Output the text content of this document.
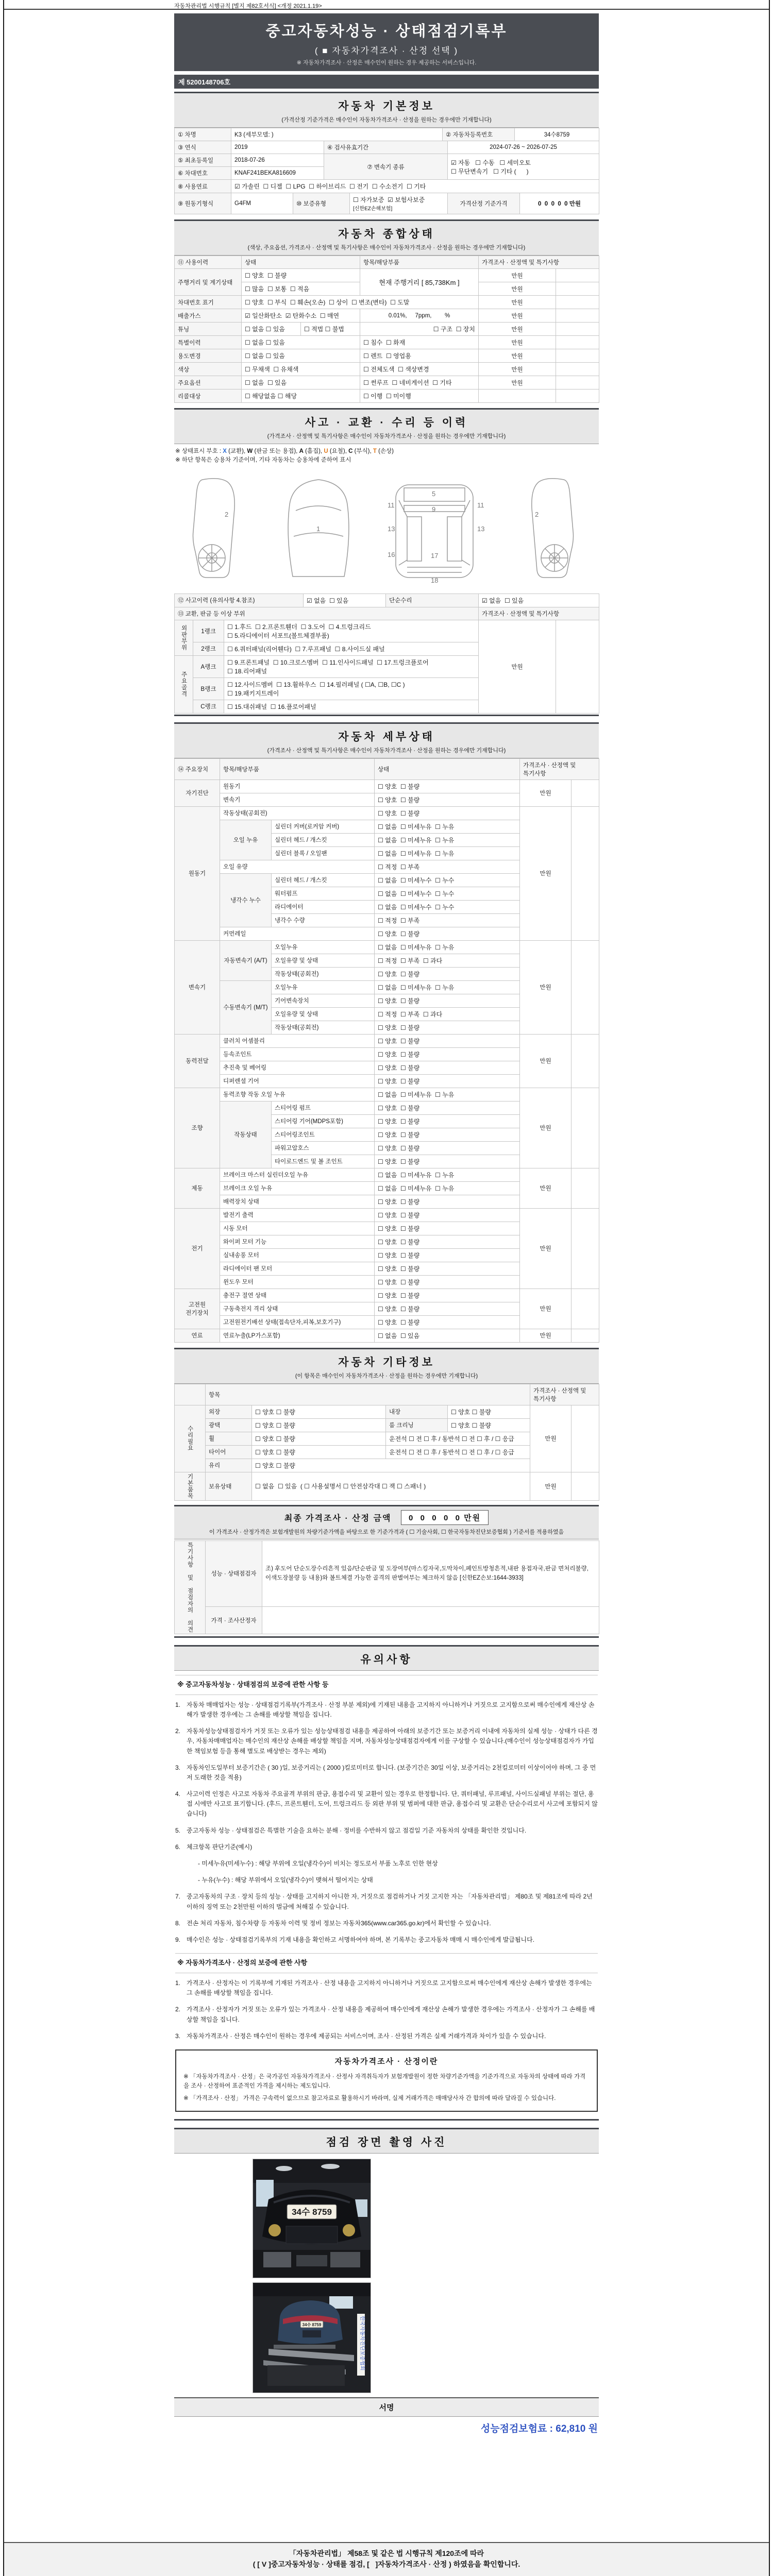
자동차관리법 시행규칙 [별지 제82호서식] <개정 2021.1.19>
중고자동차성능 · 상태점검기록부
( ■ 자동차가격조사 · 산정 선택 )
※ 자동차가격조사 · 산정은 매수인이 원하는 경우 제공하는 서비스입니다.
제 5200148706호
자동차 기본정보
(가격산정 기준가격은 매수인이 자동차가격조사 · 산정을 원하는 경우에만 기재합니다)
① 차명	K3 (세부모델: )	② 자동차등록번호	34수8759
③ 연식	2019	④ 검사유효기간	2024-07-26 ~ 2026-07-25
⑤ 최초등록일	2018-07-26	⑦ 변속기 종류	☑ 자동   ☐ 수동   ☐ 세미오토
☐ 무단변속기   ☐ 기타 (      )

⑥ 차대번호	KNAF241BEKA816609		
⑧ 사용연료	☑ 가솔린  ☐ 디젤  ☐ LPG  ☐ 하이브리드  ☐ 전기  ☐ 수소전기  ☐ 기타
⑨ 원동기형식	G4FM	⑩ 보증유형	☐ 자가보증  ☑ 보험사보증 [신한EZ손해보험]	가격산정 기준가격	0  0  0  0  0 만원
자동차 종합상태
(색상, 주요옵션, 가격조사 · 산정액 및 특기사항은 매수인이 자동차가격조사 · 산정을 원하는 경우에만 기재합니다)
⑪ 사용이력	상태		항목/해당부품	가격조사 · 산정액 및 특기사항	
주행거리 및 계기상태	☐ 양호  ☐ 불량		현재 주행거리 [ 85,738Km ]	만원	
	☐ 많음  ☐ 보통  ☐ 적음			만원	
차대번호 표기	☐ 양호  ☐ 부식  ☐ 훼손(오손)  ☐ 상이  ☐ 변조(변타)  ☐ 도말			만원	
배출가스	☑ 일산화탄소  ☑ 탄화수소  ☐ 매연		0.01%,     7ppm,        %	만원	
튜닝	☐ 없음 ☐ 있음	☐ 적법 ☐ 불법	☐ 구조  ☐ 장치	만원	
특별이력	☐ 없음 ☐ 있음		☐ 침수  ☐ 화재	만원	
용도변경	☐ 없음 ☐ 있음		☐ 렌트  ☐ 영업용	만원	
색상	☐ 무채색  ☐ 유채색		☐ 전체도색  ☐ 색상변경	만원	
주요옵션	☐ 없음  ☐ 있음		☐ 썬루프  ☐ 네비게이션  ☐ 기타	만원	
리콜대상	☐ 해당없음 ☐ 해당		☐ 이행  ☐ 미이행		
사고 · 교환 · 수리 등 이력
(가격조사 · 산정액 및 특기사항은 매수인이 자동차가격조사 · 산정을 원하는 경우에만 기재합니다)
※ 상태표시 부호 : X (교환), W (판금 또는 용접), A (흠집), U (요철), C (부식), T (손상)
※ 하단 항목은 승용차 기준이며, 기타 자동차는 승용차에 준하여 표시
2
1
5
9
11	11
13	13
17
18
16
2
⑫ 사고이력 (유의사항 4.참조)	☑ 없음  ☐ 있음	단순수리	☑ 없음  ☐ 있음
⑬ 교환, 판금 등 이상 부위			가격조사 · 산정액 및 특기사항	
외판부위	1랭크	☐ 1.후드  ☐ 2.프론트휀더  ☐ 3.도어  ☐ 4.트렁크리드
☐ 5.라디에이터 서포트(볼트체결부품)	만원	
	2랭크	☐ 6.쿼터패널(리어휀다)  ☐ 7.루프패널  ☐ 8.사이드실 패널		
주요골격	A랭크	☐ 9.프론트패널  ☐ 10.크로스멤버  ☐ 11.인사이드패널  ☐ 17.트렁크플로어
☐ 18.리어패널		

	B랭크	☐ 12.사이드멤버  ☐ 13.휠하우스  ☐ 14.필러패널 ( ☐A, ☐B, ☐C )
☐ 19.패키지트레이		

	C랭크	☐ 15.대쉬패널  ☐ 16.플로어패널		
자동차 세부상태
(가격조사 · 산정액 및 특기사항은 매수인이 자동차가격조사 · 산정을 원하는 경우에만 기재합니다)
⑭ 주요장치	항목/해당부품		상태	가격조사 · 산정액 및 특기사항	
자기진단	원동기		☐ 양호  ☐ 불량	만원	
	변속기		☐ 양호  ☐ 불량		
원동기	작동상태(공회전)		☐ 양호  ☐ 불량	만원	
	오일 누유	실린더 커버(로커암 커버)	☐ 없음  ☐ 미세누유  ☐ 누유		
		실린더 헤드 / 개스킷	☐ 없음  ☐ 미세누유  ☐ 누유		
		실린더 블록 / 오일팬	☐ 없음  ☐ 미세누유  ☐ 누유		
	오일 유량		☐ 적정  ☐ 부족		
	냉각수 누수	실린더 헤드 / 개스킷	☐ 없음  ☐ 미세누수  ☐ 누수		
		워터펌프	☐ 없음  ☐ 미세누수  ☐ 누수		
		라디에이터	☐ 없음  ☐ 미세누수  ☐ 누수		
		냉각수 수량	☐ 적정  ☐ 부족		
	커먼레일		☐ 양호  ☐ 불량		
변속기	자동변속기 (A/T)	오일누유	☐ 없음  ☐ 미세누유  ☐ 누유	만원	
		오일유량 및 상태	☐ 적정  ☐ 부족  ☐ 과다		
		작동상태(공회전)	☐ 양호  ☐ 불량		
	수동변속기 (M/T)	오일누유	☐ 없음  ☐ 미세누유  ☐ 누유		
		기어변속장치	☐ 양호  ☐ 불량		
		오일유량 및 상태	☐ 적정  ☐ 부족  ☐ 과다		
		작동상태(공회전)	☐ 양호  ☐ 불량		
동력전달	클러치 어셈블리		☐ 양호  ☐ 불량	만원	
	등속조인트		☐ 양호  ☐ 불량		
	추진축 및 베어링		☐ 양호  ☐ 불량		
	디퍼렌셜 기어		☐ 양호  ☐ 불량		
조향	동력조향 작동 오일 누유		☐ 없음  ☐ 미세누유  ☐ 누유	만원	
	작동상태	스티어링 펌프	☐ 양호  ☐ 불량		
		스티어링 기어(MDPS포함)	☐ 양호  ☐ 불량		
		스티어링조인트	☐ 양호  ☐ 불량		
		파워고압호스	☐ 양호  ☐ 불량		
		타이로드엔드 및 볼 조인트	☐ 양호  ☐ 불량		
제동	브레이크 마스터 실린더오일 누유		☐ 없음  ☐ 미세누유  ☐ 누유	만원	
	브레이크 오일 누유		☐ 없음  ☐ 미세누유  ☐ 누유		
	배력장치 상태		☐ 양호  ☐ 불량		
전기	발전기 출력		☐ 양호  ☐ 불량	만원	
	시동 모터		☐ 양호  ☐ 불량		
	와이퍼 모터 기능		☐ 양호  ☐ 불량		
	실내송풍 모터		☐ 양호  ☐ 불량		
	라디에이터 팬 모터		☐ 양호  ☐ 불량		
	윈도우 모터		☐ 양호  ☐ 불량		
고전원 전기장치	충전구 절연 상태		☐ 양호  ☐ 불량	만원	
	구동축전지 격리 상태		☐ 양호  ☐ 불량		
	고전원전기배선 상태(접속단자,피복,보호기구)		☐ 양호  ☐ 불량		
연료	연료누출(LP가스포함)		☐ 없음  ☐ 있음	만원	
자동차 기타정보
(이 항목은 매수인이 자동차가격조사 · 산정을 원하는 경우에만 기재합니다)
	항목				가격조사 · 산정액 및 특기사항	
수리필요	외장	☐ 양호 ☐ 불량	내장	☐ 양호 ☐ 불량	만원	
	광택	☐ 양호 ☐ 불량	룸 크리닝	☐ 양호 ☐ 불량		
	휠	☐ 양호 ☐ 불량	운전석 ☐ 전 ☐ 후 / 동반석 ☐ 전 ☐ 후 / ☐ 응급			
	타이어	☐ 양호 ☐ 불량	운전석 ☐ 전 ☐ 후 / 동반석 ☐ 전 ☐ 후 / ☐ 응급			
	유리	☐ 양호 ☐ 불량				
기본품목	보유상태	☐ 없음  ☐ 있음  ( ☐ 사용설명서 ☐ 안전삼각대 ☐ 잭 ☐ 스패너 )			만원	
최종 가격조사 · 산정 금액 0  0  0  0  0 만원
이 가격조사 · 산정가격은 보험개발원의 차량기준가액을 바탕으로 한 기준가격과 ( ☐ 기술사회, ☐ 한국자동차진단보증협회 ) 기준서를 적용하였음
특기사항 및 점검자의 의견	성능 · 상태점검자	조) 후도어 단순도장수리흔적 있음/단순판금 및 도장여부(마스킹자국,도막차이,페인트방청흔적,내판 용접자국,판금 면처리불량,이색도장불량 등 내용)와 볼트체결 가능한 골격의 판별여부는 체크하지 않음 [신한EZ손보:1644-3933]
	가격 · 조사산정자	
유의사항
※ 중고자동차성능 · 상태점검의 보증에 관한 사항 등
1. 자동차 매매업자는 성능 · 상태점검기록부(가격조사 · 산정 부분 제외)에 기재된 내용을 고지하지 아니하거나 거짓으로 고지함으로써 매수인에게 재산상 손해가 발생한 경우에는 그 손해를 배상할 책임을 집니다.
2. 자동차성능상태점검자가 거짓 또는 오류가 있는 성능상태점검 내용을 제공하여 아래의 보증기간 또는 보증거리 이내에 자동차의 실제 성능 · 상태가 다른 경우, 자동차매매업자는 매수인의 재산상 손해를 배상할 책임을 지며, 자동차성능상태점검자에게 이를 구상할 수 있습니다.(매수인이 성능상태점검자가 가입한 책임보험 등을 통해 별도로 배상받는 경우는 제외)
3. 자동차인도일부터 보증기간은 ( 30 )일, 보증거리는 ( 2000 )킬로미터로 합니다. (보증기간은 30일 이상, 보증거리는 2천킬로미터 이상이어야 하며, 그 중 먼저 도래한 것을 적용)
4. 사고이력 인정은 사고로 자동차 주요골격 부위의 판금, 용접수리 및 교환이 있는 경우로 한정합니다. 단, 쿼터패널, 루프패널, 사이드실패널 부위는 절단, 용접 시에만 사고로 표기합니다. (후드, 프론트휀더, 도어, 트렁크리드 등 외판 부위 및 범퍼에 대한 판금, 용접수리 및 교환은 단순수리로서 사고에 포함되지 않습니다)
5. 중고자동차 성능 · 상태점검은 특별한 기술을 요하는 분해 · 정비를 수반하지 않고 점검일 기준 자동차의 상태를 확인한 것입니다.
6. 체크항목 판단기준(예시)
- 미세누유(미세누수) : 해당 부위에 오일(냉각수)이 비치는 정도로서 부품 노후로 인한 현상
- 누유(누수) : 해당 부위에서 오일(냉각수)이 맺혀서 떨어지는 상태
7. 중고자동차의 구조 · 장치 등의 성능 · 상태를 고지하지 아니한 자, 거짓으로 점검하거나 거짓 고지한 자는 「자동차관리법」 제80조 및 제81조에 따라 2년 이하의 징역 또는 2천만원 이하의 벌금에 처해질 수 있습니다.
8. 전손 처리 자동차, 침수차량 등 자동차 이력 및 정비 정보는 자동차365(www.car365.go.kr)에서 확인할 수 있습니다.
9. 매수인은 성능 · 상태점검기록부의 기재 내용을 확인하고 서명하여야 하며, 본 기록부는 중고자동차 매매 시 매수인에게 발급됩니다.
※ 자동차가격조사 · 산정의 보증에 관한 사항
1. 가격조사 · 산정자는 이 기록부에 기재된 가격조사 · 산정 내용을 고지하지 아니하거나 거짓으로 고지함으로써 매수인에게 재산상 손해가 발생한 경우에는 그 손해를 배상할 책임을 집니다.
2. 가격조사 · 산정자가 거짓 또는 오류가 있는 가격조사 · 산정 내용을 제공하여 매수인에게 재산상 손해가 발생한 경우에는 가격조사 · 산정자가 그 손해를 배상할 책임을 집니다.
3. 자동차가격조사 · 산정은 매수인이 원하는 경우에 제공되는 서비스이며, 조사 · 산정된 가격은 실제 거래가격과 차이가 있을 수 있습니다.
자동차가격조사 · 산정이란
※ 「자동차가격조사 · 산정」은 국가공인 자동차가격조사 · 산정사 자격취득자가 보험개발원이 정한 차량기준가액을 기준가격으로 자동차의 상태에 따라 가격을 조사 · 산정하여 표준적인 가격을 제시하는 제도입니다.
※ 「가격조사 · 산정」 가격은 구속력이 없으므로 참고자료로 활용하시기 바라며, 실제 거래가격은 매매당사자 간 합의에 따라 달라질 수 있습니다.
점검 장면 촬영 사진
34수 8759
34수 8759	한국자동차진단보증협회
서명
성능점검보험료 : 62,810 원
「자동차관리법」 제58조 및 같은 법 시행규칙 제120조에 따라
( [ V ]중고자동차성능 · 상태를 점검, [   ]자동차가격조사 · 산정 ) 하였음을 확인합니다.
